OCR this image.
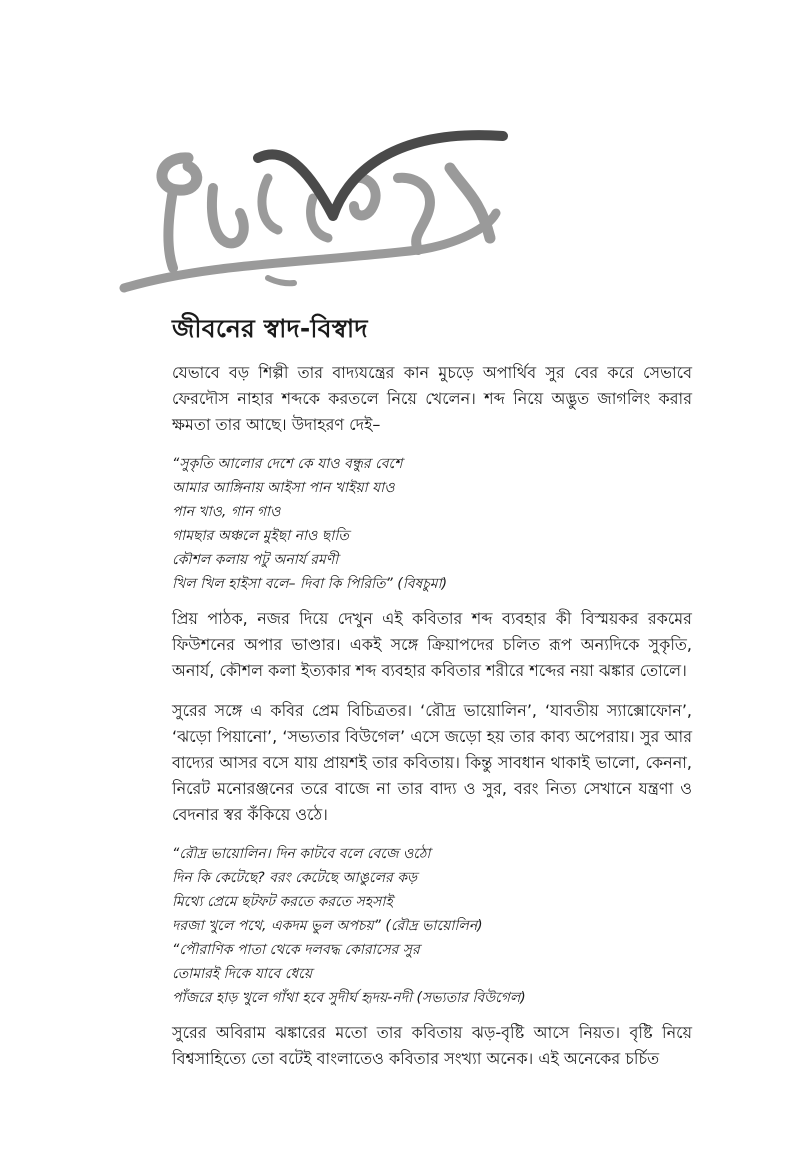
জীবনের স্বাদ-বিস্বাদ

যেভাবে বড় শিল্পী তার বাদ্যযন্ত্রের কান মুচড়ে অপার্থিব সুর বের করে সেভাবে ফেরদৌস নাহার শব্দকে করতলে নিয়ে খেলেন। শব্দ নিয়ে অদ্ভুত জাগলিং করার ক্ষমতা তার আছে। উদাহরণ দেই–

“সুকৃতি আলোর দেশে কে যাও বন্ধুর বেশে
আমার আঙ্গিনায় আইসা পান খাইয়া যাও
পান খাও, গান গাও
গামছার অঞ্চলে মুইছা নাও ছাতি
কৌশল কলায় পটু অনার্য রমণী
খিল খিল হাইসা বলে– দিবা কি পিরিতি” (বিষচুমা)

প্রিয় পাঠক, নজর দিয়ে দেখুন এই কবিতার শব্দ ব্যবহার কী বিস্ময়কর রকমের ফিউশনের অপার ভাণ্ডার। একই সঙ্গে ক্রিয়াপদের চলিত রূপ অন্যদিকে সুকৃতি, অনার্য, কৌশল কলা ইত্যকার শব্দ ব্যবহার কবিতার শরীরে শব্দের নয়া ঝঙ্কার তোলে।

সুরের সঙ্গে এ কবির প্রেম বিচিত্রতর। ‘রৌদ্র ভায়োলিন’, ‘যাবতীয় স্যাক্সোফোন’, ‘ঝড়ো পিয়ানো’, ‘সভ্যতার বিউগেল’ এসে জড়ো হয় তার কাব্য অপেরায়। সুর আর বাদ্যের আসর বসে যায় প্রায়শই তার কবিতায়। কিন্তু সাবধান থাকাই ভালো, কেননা, নিরেট মনোরঞ্জনের তরে বাজে না তার বাদ্য ও সুর, বরং নিত্য সেখানে যন্ত্রণা ও বেদনার স্বর কঁকিয়ে ওঠে।

“রৌদ্র ভায়োলিন। দিন কাটবে বলে বেজে ওঠো
দিন কি কেটেছে? বরং কেটেছে আঙুলের কড়
মিথ্যে প্রেমে ছটফট করতে করতে সহসাই
দরজা খুলে পথে, একদম ভুল অপচয়” (রৌদ্র ভায়োলিন)
“পৌরাণিক পাতা থেকে দলবদ্ধ কোরাসের সুর
তোমারই দিকে যাবে ধেয়ে
পাঁজরে হাড় খুলে গাঁথা হবে সুদীর্ঘ হৃদয়-নদী (সভ্যতার বিউগেল)

সুরের অবিরাম ঝঙ্কারের মতো তার কবিতায় ঝড়-বৃষ্টি আসে নিয়ত। বৃষ্টি নিয়ে বিশ্বসাহিত্যে তো বটেই বাংলাতেও কবিতার সংখ্যা অনেক। এই অনেকের চর্চিত
